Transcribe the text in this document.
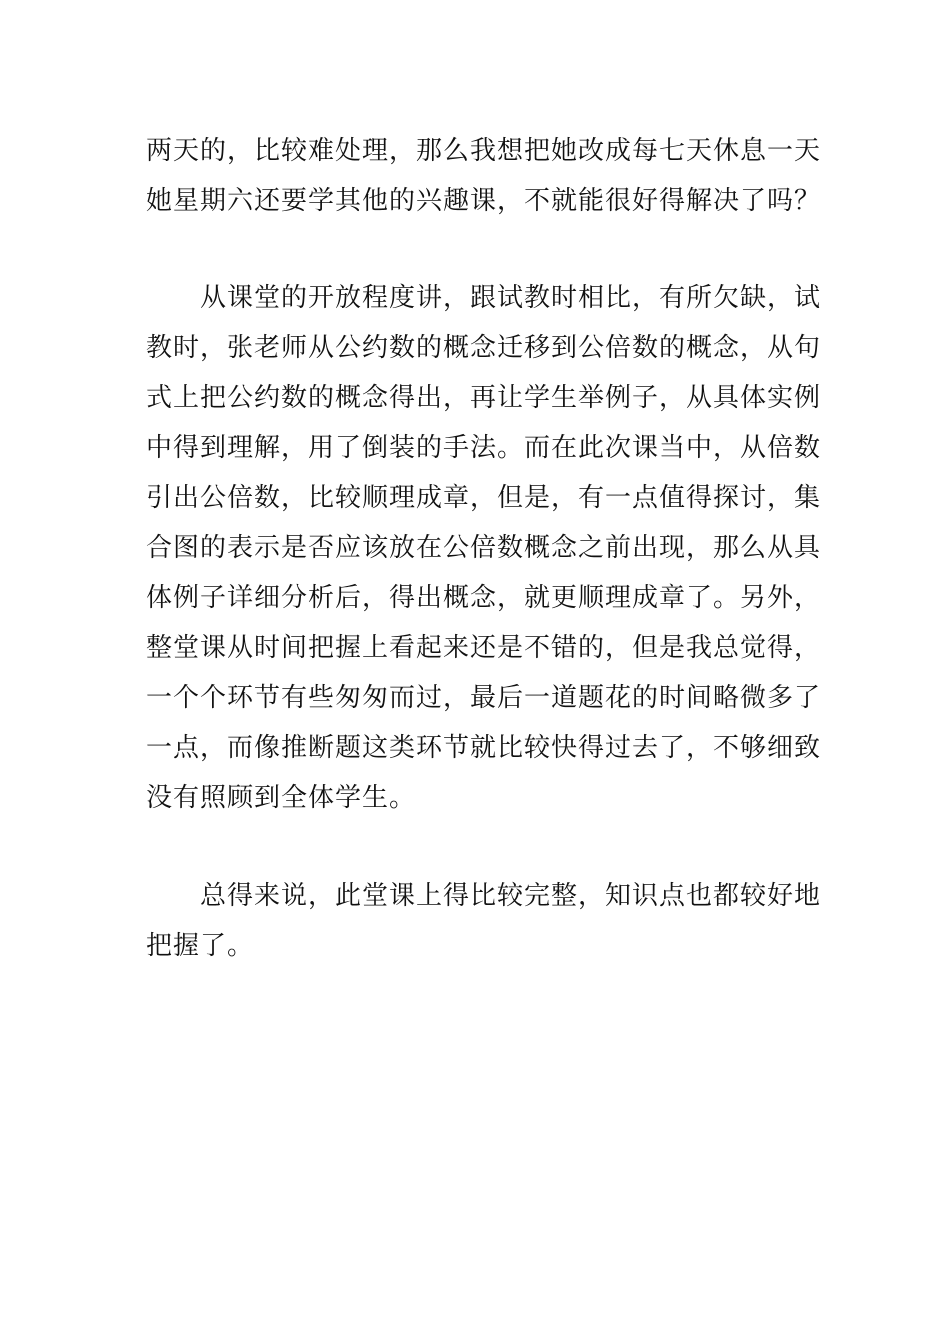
两天的，比较难处理，那么我想把她改成每七天休息一天
她星期六还要学其他的兴趣课，不就能很好得解决了吗？

　　从课堂的开放程度讲，跟试教时相比，有所欠缺，试
教时，张老师从公约数的概念迁移到公倍数的概念，从句
式上把公约数的概念得出，再让学生举例子，从具体实例
中得到理解，用了倒装的手法。而在此次课当中，从倍数
引出公倍数，比较顺理成章，但是，有一点值得探讨，集
合图的表示是否应该放在公倍数概念之前出现，那么从具
体例子详细分析后，得出概念，就更顺理成章了。另外，
整堂课从时间把握上看起来还是不错的，但是我总觉得，
一个个环节有些匆匆而过，最后一道题花的时间略微多了
一点，而像推断题这类环节就比较快得过去了，不够细致
没有照顾到全体学生。

　　总得来说，此堂课上得比较完整，知识点也都较好地
把握了。
